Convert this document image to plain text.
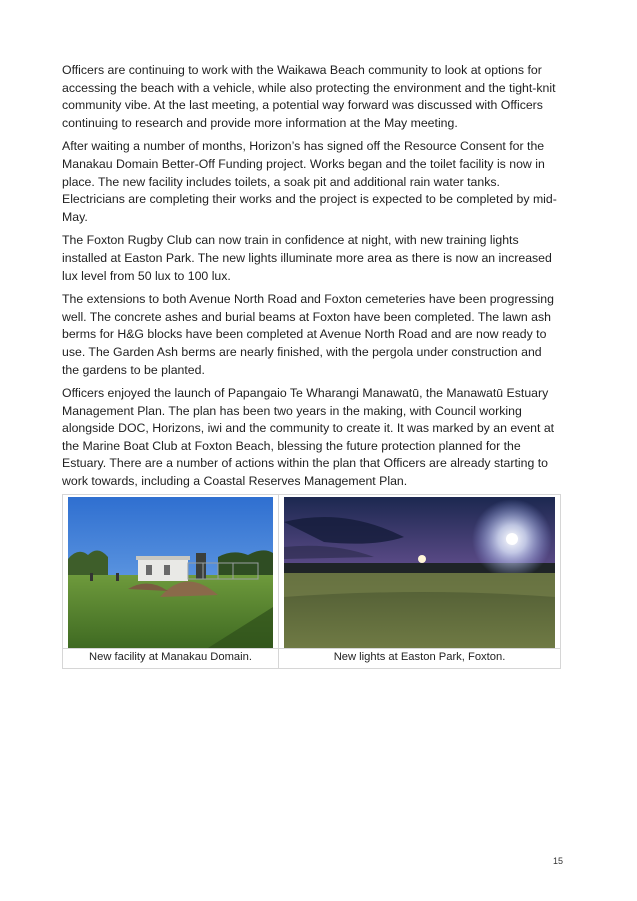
Officers are continuing to work with the Waikawa Beach community to look at options for accessing the beach with a vehicle, while also protecting the environment and the tight-knit community vibe. At the last meeting, a potential way forward was discussed with Officers continuing to research and provide more information at the May meeting.

After waiting a number of months, Horizon’s has signed off the Resource Consent for the Manakau Domain Better-Off Funding project. Works began and the toilet facility is now in place. The new facility includes toilets, a soak pit and additional rain water tanks. Electricians are completing their works and the project is expected to be completed by mid-May.

The Foxton Rugby Club can now train in confidence at night, with new training lights installed at Easton Park. The new lights illuminate more area as there is now an increased lux level from 50 lux to 100 lux.

The extensions to both Avenue North Road and Foxton cemeteries have been progressing well. The concrete ashes and burial beams at Foxton have been completed. The lawn ash berms for H&G blocks have been completed at Avenue North Road and are now ready to use. The Garden Ash berms are nearly finished, with the pergola under construction and the gardens to be planted.

Officers enjoyed the launch of Papangaio Te Wharangi Manawatū, the Manawatū Estuary Management Plan. The plan has been two years in the making, with Council working alongside DOC, Horizons, iwi and the community to create it. It was marked by an event at the Marine Boat Club at Foxton Beach, blessing the future protection planned for the Estuary. There are a number of actions within the plan that Officers are already starting to work towards, including a Coastal Reserves Management Plan.

New facility at Manakau Domain.	New lights at Easton Park, Foxton.
15
